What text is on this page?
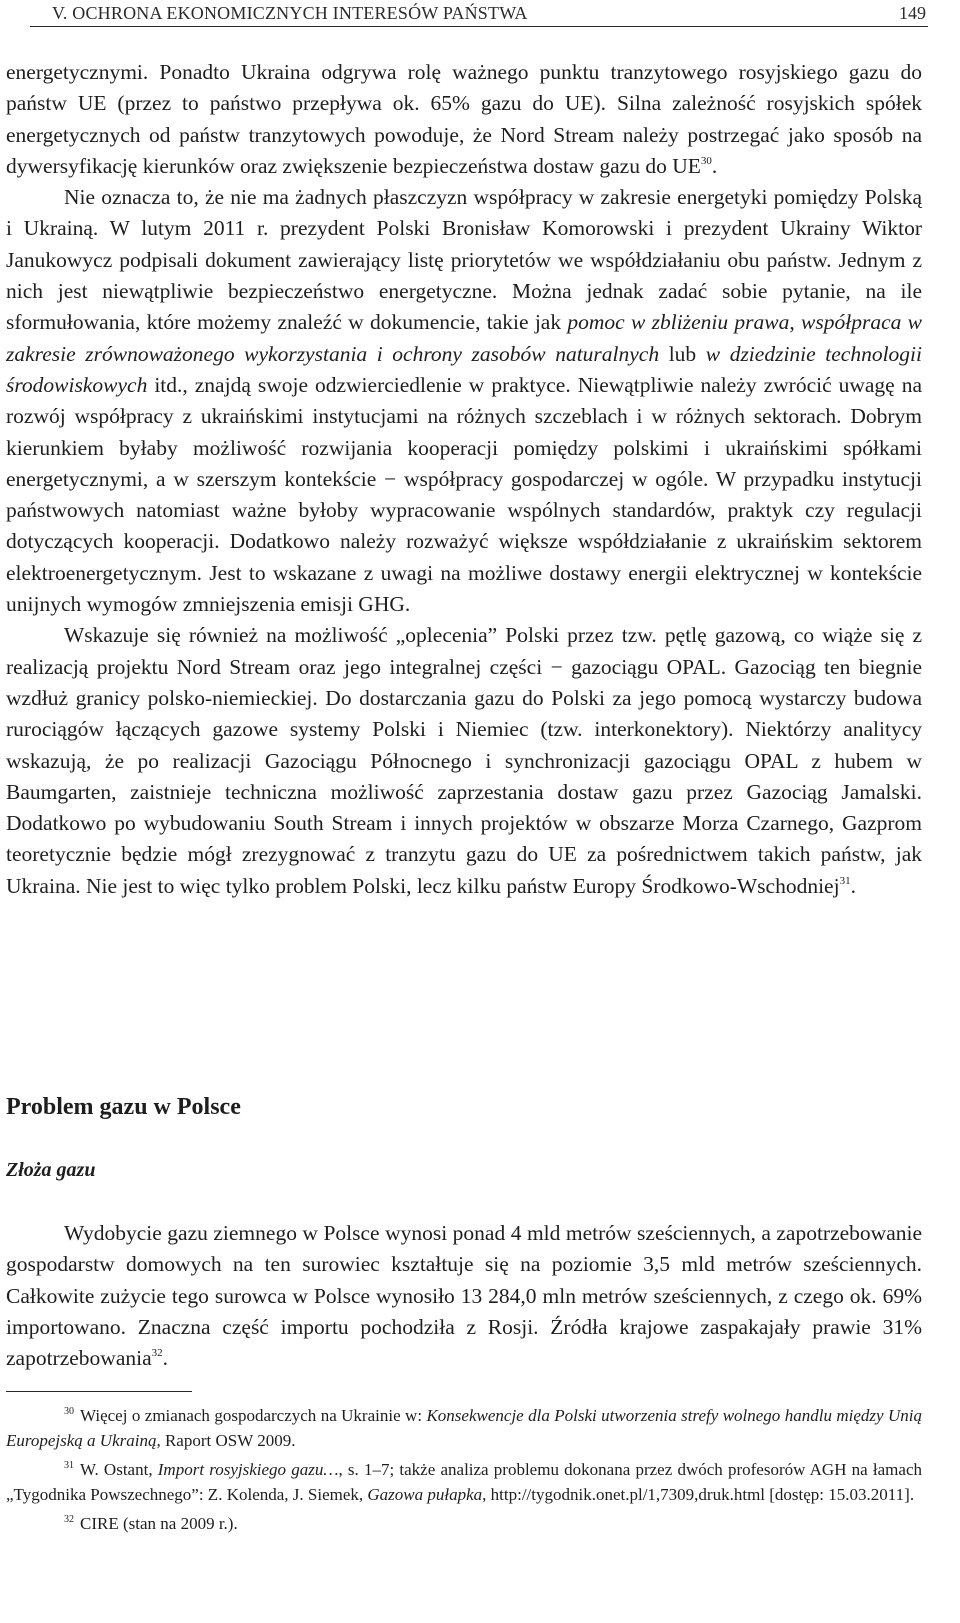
V. OCHRONA EKONOMICZNYCH INTERESÓW PAŃSTWA	149

energetycznymi. Ponadto Ukraina odgrywa rolę ważnego punktu tranzytowego rosyjskiego gazu do państw UE (przez to państwo przepływa ok. 65% gazu do UE). Silna zależność rosyjskich spółek energetycznych od państw tranzytowych powoduje, że Nord Stream należy postrzegać jako sposób na dywersyfikację kierunków oraz zwiększenie bezpieczeństwa dostaw gazu do UE$^{30}$.

Nie oznacza to, że nie ma żadnych płaszczyzn współpracy w zakresie energetyki pomiędzy Polską i Ukrainą. W lutym 2011 r. prezydent Polski Bronisław Komorowski i prezydent Ukrainy Wiktor Janukowycz podpisali dokument zawierający listę priorytetów we współdziałaniu obu państw. Jednym z nich jest niewątpliwie bezpieczeństwo energetyczne. Można jednak zadać sobie pytanie, na ile sformułowania, które możemy znaleźć w dokumencie, takie jak pomoc w zbliżeniu prawa, współpraca w zakresie zrównoważonego wykorzystania i ochrony zasobów naturalnych lub w dziedzinie technologii środowiskowych itd., znajdą swoje odzwierciedlenie w praktyce. Niewątpliwie należy zwrócić uwagę na rozwój współpracy z ukraińskimi instytucjami na różnych szczeblach i w różnych sektorach. Dobrym kierunkiem byłaby możliwość rozwijania kooperacji pomiędzy polskimi i ukraińskimi spółkami energetycznymi, a w szerszym kontekście − współpracy gospodarczej w ogóle. W przypadku instytucji państwowych natomiast ważne byłoby wypracowanie wspólnych standardów, praktyk czy regulacji dotyczących kooperacji. Dodatkowo należy rozważyć większe współdziałanie z ukraińskim sektorem elektroenergetycznym. Jest to wskazane z uwagi na możliwe dostawy energii elektrycznej w kontekście unijnych wymogów zmniejszenia emisji GHG.

Wskazuje się również na możliwość „oplecenia” Polski przez tzw. pętlę gazową, co wiąże się z realizacją projektu Nord Stream oraz jego integralnej części − gazociągu OPAL. Gazociąg ten biegnie wzdłuż granicy polsko-niemieckiej. Do dostarczania gazu do Polski za jego pomocą wystarczy budowa rurociągów łączących gazowe systemy Polski i Niemiec (tzw. interkonektory). Niektórzy analitycy wskazują, że po realizacji Gazociągu Północnego i synchronizacji gazociągu OPAL z hubem w Baumgarten, zaistnieje techniczna możliwość zaprzestania dostaw gazu przez Gazociąg Jamalski. Dodatkowo po wybudowaniu South Stream i innych projektów w obszarze Morza Czarnego, Gazprom teoretycznie będzie mógł zrezygnować z tranzytu gazu do UE za pośrednictwem takich państw, jak Ukraina. Nie jest to więc tylko problem Polski, lecz kilku państw Europy Środkowo-Wschodniej$^{31}$.

Problem gazu w Polsce
Złoża gazu

Wydobycie gazu ziemnego w Polsce wynosi ponad 4 mld metrów sześciennych, a zapotrzebowanie gospodarstw domowych na ten surowiec kształtuje się na poziomie 3,5 mld metrów sześciennych. Całkowite zużycie tego surowca w Polsce wynosiło 13 284,0 mln metrów sześciennych, z czego ok. 69% importowano. Znaczna część importu pochodziła z Rosji. Źródła krajowe zaspakajały prawie 31% zapotrzebowania$^{32}$.

$^{30}$ Więcej o zmianach gospodarczych na Ukrainie w: Konsekwencje dla Polski utworzenia strefy wolnego handlu między Unią Europejską a Ukrainą, Raport OSW 2009.

$^{31}$ W. Ostant, Import rosyjskiego gazu…, s. 1–7; także analiza problemu dokonana przez dwóch profesorów AGH na łamach „Tygodnika Powszechnego”: Z. Kolenda, J. Siemek, Gazowa pułapka, http://tygodnik.onet.pl/1,7309,druk.html [dostęp: 15.03.2011].

$^{32}$ CIRE (stan na 2009 r.).
